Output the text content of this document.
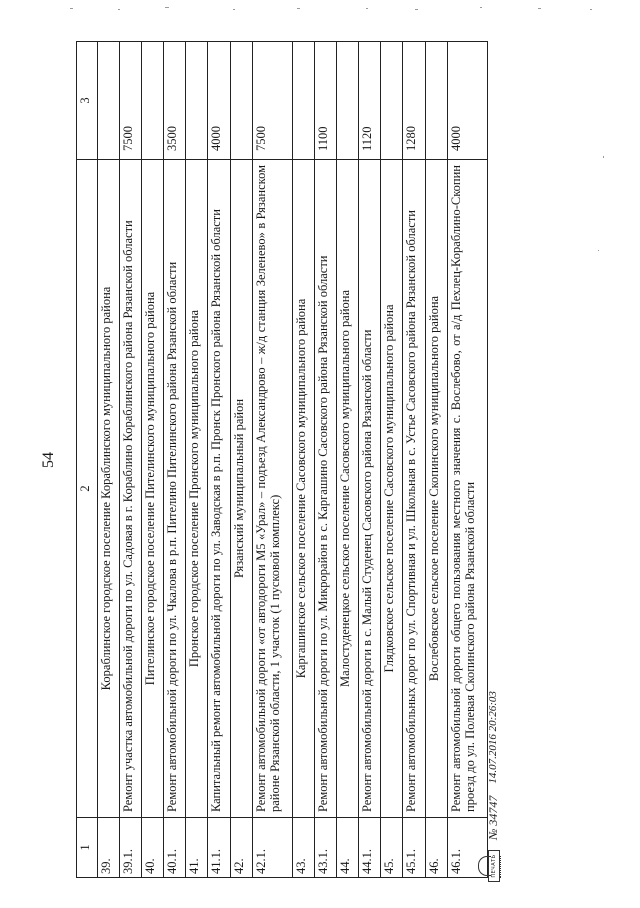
54
1	2	3
39.	Кораблинское городское поселение Кораблинского муниципального района	
39.1.	Ремонт участка автомобильной дороги по ул. Садовая в г. Кораблино Кораблинского района Рязанской области	7500
40.	Пителинское городское поселение Пителинского муниципального района	
40.1.	Ремонт автомобильной дороги по ул. Чкалова в р.п. Пителино Пителинского района Рязанской области	3500
41.	Пронское городское поселение Пронского муниципального района	
41.1.	Капитальный ремонт автомобильной дороги по ул. Заводская в р.п. Пронск Пронского района Рязанской области	4000
42.	Рязанский муниципальный район	
42.1.	Ремонт автомобильной дороги «от автодороги М5 «Урал» – подъезд Александрово – ж/д станция Зеленево» в Рязанском районе Рязанской области, 1 участок (1 пусковой комплекс)	7500
43.	Каргашинское сельское поселение Сасовского муниципального района	
43.1.	Ремонт автомобильной дороги по ул. Микрорайон в с. Каргашино Сасовского района Рязанской области	1100
44.	Малостуденецкое сельское поселение Сасовского муниципального района	
44.1.	Ремонт автомобильной дороги в с. Малый Студенец Сасовского района Рязанской области	1120
45.	Глядковское сельское поселение Сасовского муниципального района	
45.1.	Ремонт автомобильных дорог по ул. Спортивная и ул. Школьная в с. Устье Сасовского района Рязанской области	1280
46.	Вослебовское сельское поселение Скопинского муниципального района	
46.1.	Ремонт автомобильной дороги общего пользования местного значения с. Вослебово, от а/д Пехлец-Кораблино-Скопин проезд до ул. Полевая Скопинского района Рязанской области	4000
ПЕЧАТЬ
№ 34747
14.07.2016 20:26:03
